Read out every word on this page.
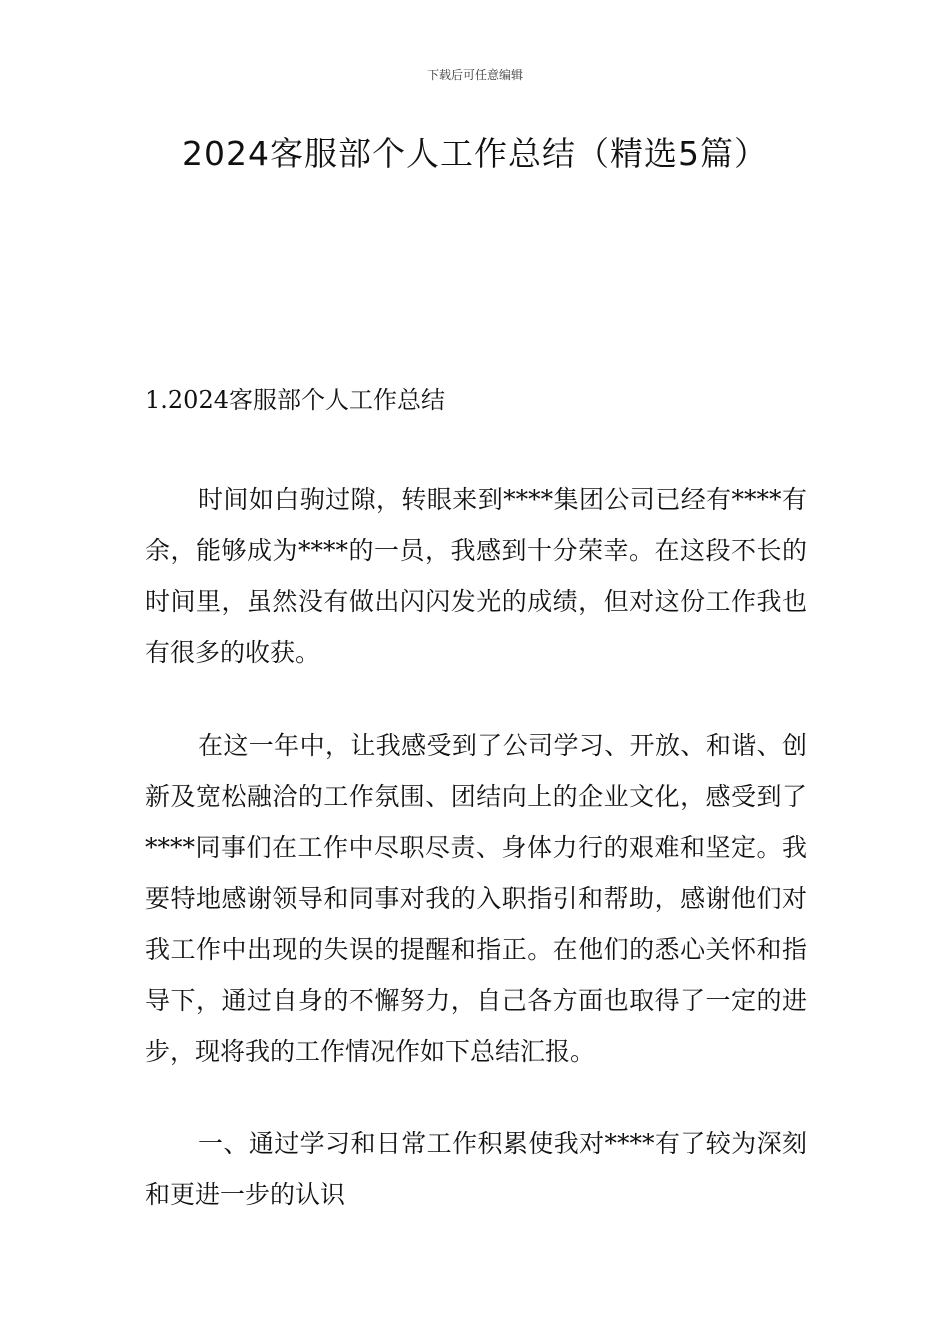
下载后可任意编辑
2024客服部个人工作总结（精选5篇）
1.2024客服部个人工作总结

时间如白驹过隙，转眼来到****集团公司已经有****有余，能够成为****的一员，我感到十分荣幸。在这段不长的时间里，虽然没有做出闪闪发光的成绩，但对这份工作我也有很多的收获。

在这一年中，让我感受到了公司学习、开放、和谐、创新及宽松融洽的工作氛围、团结向上的企业文化，感受到了****同事们在工作中尽职尽责、身体力行的艰难和坚定。我要特地感谢领导和同事对我的入职指引和帮助，感谢他们对我工作中出现的失误的提醒和指正。在他们的悉心关怀和指导下，通过自身的不懈努力，自己各方面也取得了一定的进步，现将我的工作情况作如下总结汇报。

一、通过学习和日常工作积累使我对****有了较为深刻和更进一步的认识
